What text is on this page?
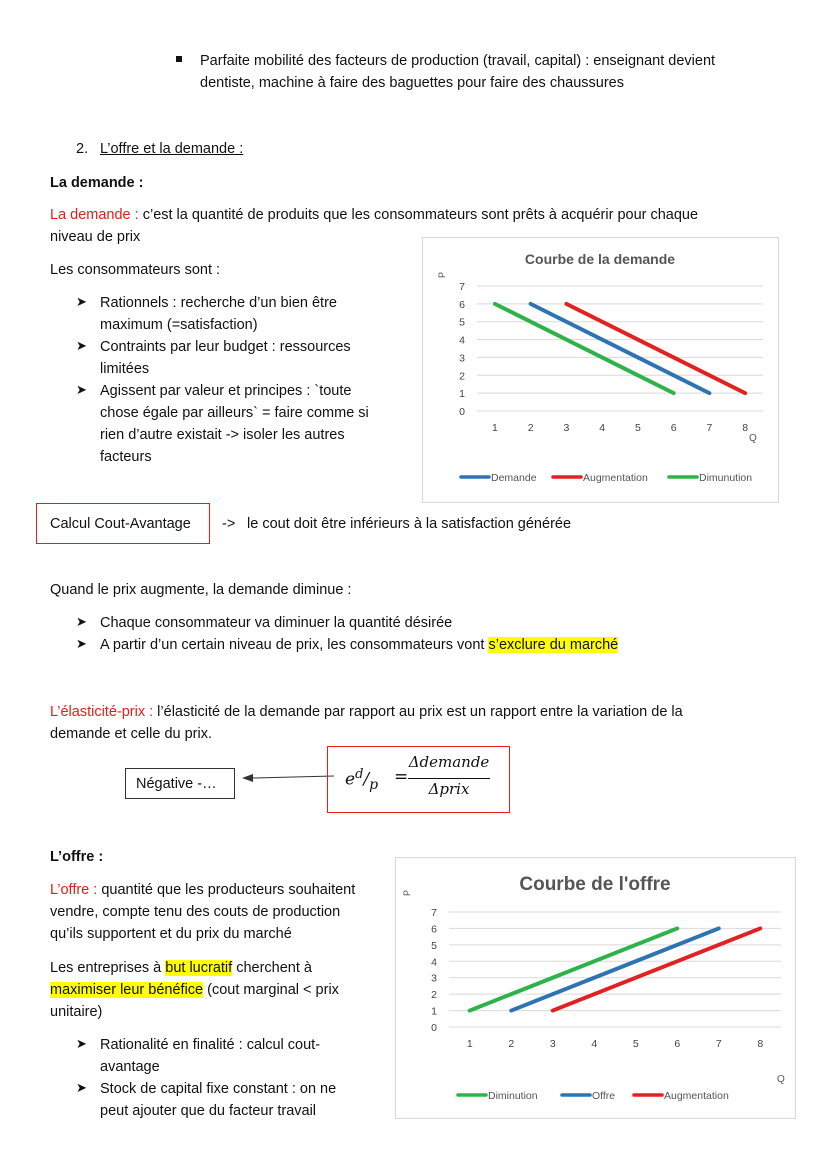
Parfaite mobilité des facteurs de production (travail, capital) : enseignant devient
dentiste, machine à faire des baguettes pour faire des chaussures
2. L’offre et la demande :
La demande :
La demande : c’est la quantité de produits que les consommateurs sont prêts à acquérir pour chaque
niveau de prix
Les consommateurs sont :
➤ Rationnels : recherche d’un bien être
maximum (=satisfaction)
➤ Contraints par leur budget : ressources
limitées
➤ Agissent par valeur et principes : `toute
chose égale par ailleurs` = faire comme si
rien d’autre existait -> isoler les autres
facteurs
Courbe de la demande
0
1
2
3
4
5
6
7
1	2	3	4	5	6	7	8
P
Q
Demande	Augmentation	Dimunution
Calcul Cout-Avantage -> le cout doit être inférieurs à la satisfaction générée
Quand le prix augmente, la demande diminue :
➤ Chaque consommateur va diminuer la quantité désirée
➤ A partir d’un certain niveau de prix, les consommateurs vont s’exclure du marché
L’élasticité-prix : l’élasticité de la demande par rapport au prix est un rapport entre la variation de la
demande et celle du prix.
Négative -…	$e^d/_p$ =
Δdemande
Δprix
L’offre :
L’offre : quantité que les producteurs souhaitent
vendre, compte tenu des couts de production
qu’ils supportent et du prix du marché
Les entreprises à but lucratif cherchent à
maximiser leur bénéfice (cout marginal < prix
unitaire)
➤ Rationalité en finalité : calcul cout-
avantage
➤ Stock de capital fixe constant : on ne
peut ajouter que du facteur travail
Courbe de l'offre
0
1
2
3
4
5
6
7
1	2	3	4	5	6	7	8
P
Q
Diminution	Offre	Augmentation
